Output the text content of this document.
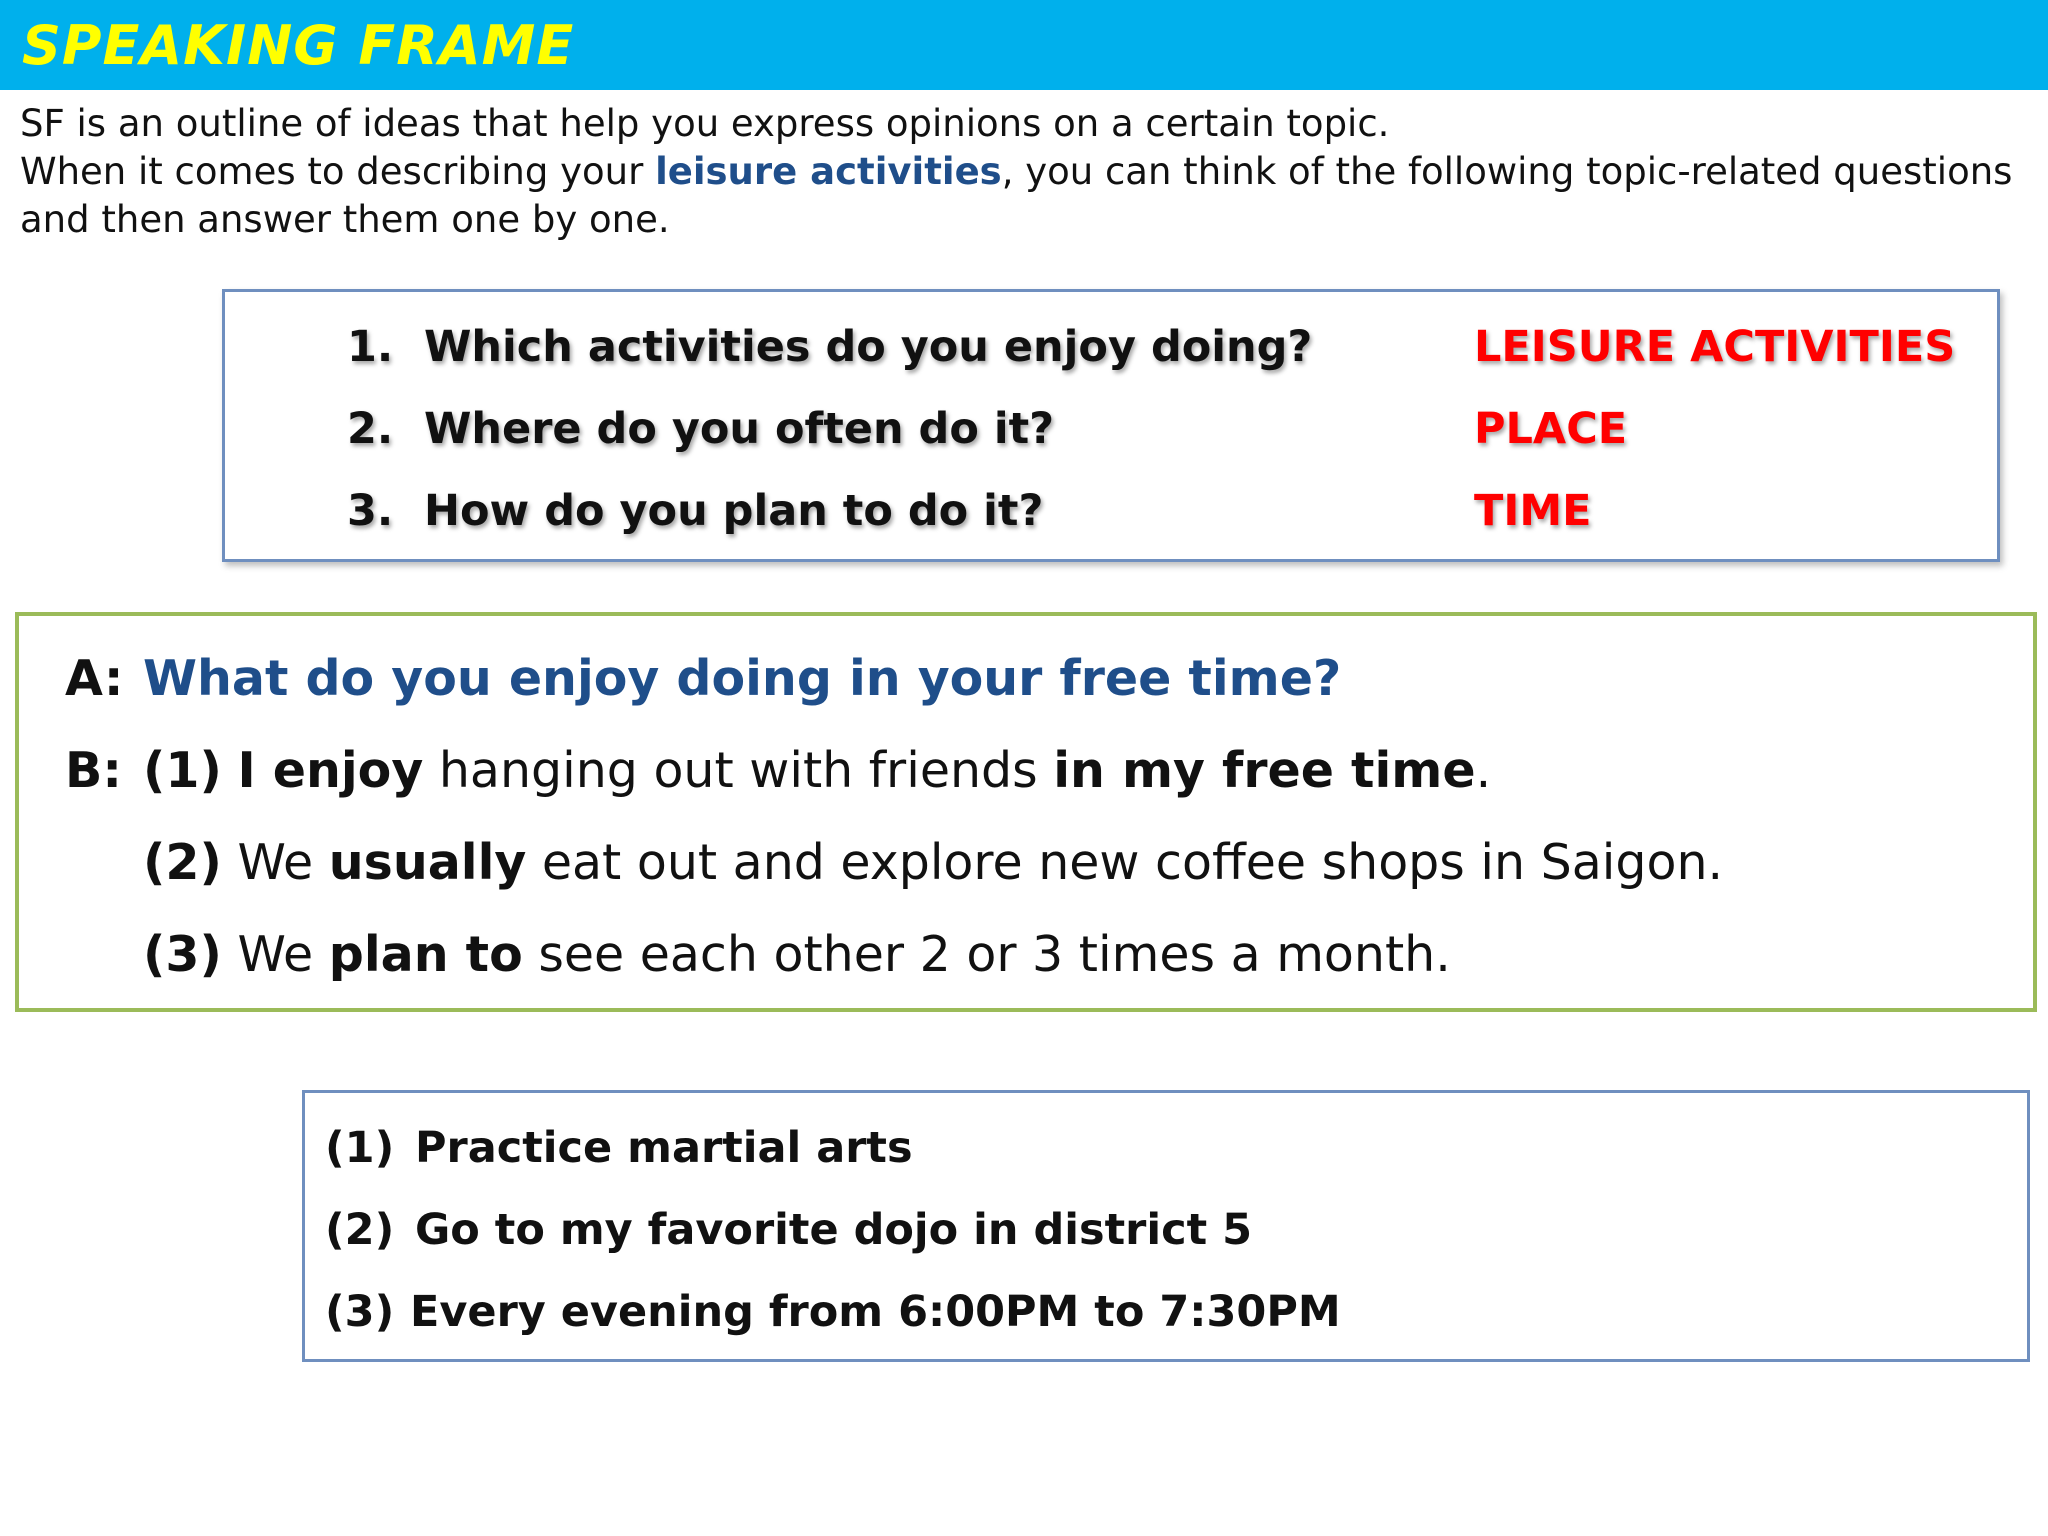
SPEAKING FRAME
SF is an outline of ideas that help you express opinions on a certain topic.
When it comes to describing your leisure activities, you can think of the following topic-related questions and then answer them one by one.
1. Which activities do you enjoy doing?	LEISURE ACTIVITIES
2. Where do you often do it?	PLACE
3. How do you plan to do it?	TIME
A: What do you enjoy doing in your free time?
B: (1) I enjoy hanging out with friends in my free time.
(2) We usually eat out and explore new coffee shops in Saigon.
(3) We plan to see each other 2 or 3 times a month.
(1) Practice martial arts
(2) Go to my favorite dojo in district 5
(3) Every evening from 6:00PM to 7:30PM
